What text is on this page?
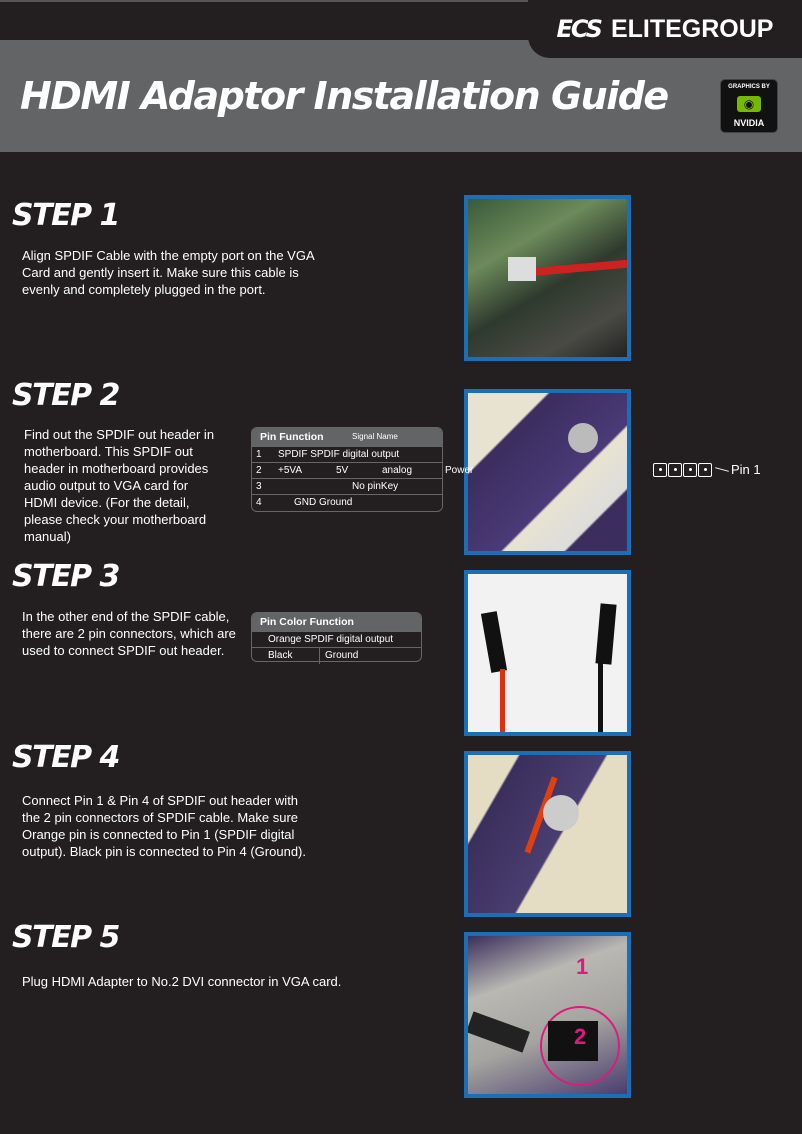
ECS ELITEGROUP
HDMI Adaptor Installation Guide	GRAPHICS BY
◉
NVIDIA
STEP 1
Align SPDIF Cable with the empty port on the VGA Card and gently insert it. Make sure this cable is evenly and completely plugged in the port.
STEP 2
Find out the SPDIF out header in motherboard. This SPDIF out header in motherboard provides audio output to VGA card for HDMI device. (For the detail, please check your motherboard manual)
Pin Function	Signal Name
1 SPDIF SPDIF digital output
2 +5VA	5V	analog	Power
3	No pinKey
4	GND Ground
Pin 1
STEP 3
In the other end of the SPDIF cable, there are 2 pin connectors, which are used to connect SPDIF out header.
Pin Color Function
Orange SPDIF digital output
Black	Ground
STEP 4
Connect Pin 1 & Pin 4 of SPDIF out header with the 2 pin connectors of SPDIF cable. Make sure Orange pin is connected to Pin 1 (SPDIF digital output). Black pin is connected to Pin 4 (Ground).
STEP 5
Plug HDMI Adapter to No.2 DVI connector in VGA card.
1
2
